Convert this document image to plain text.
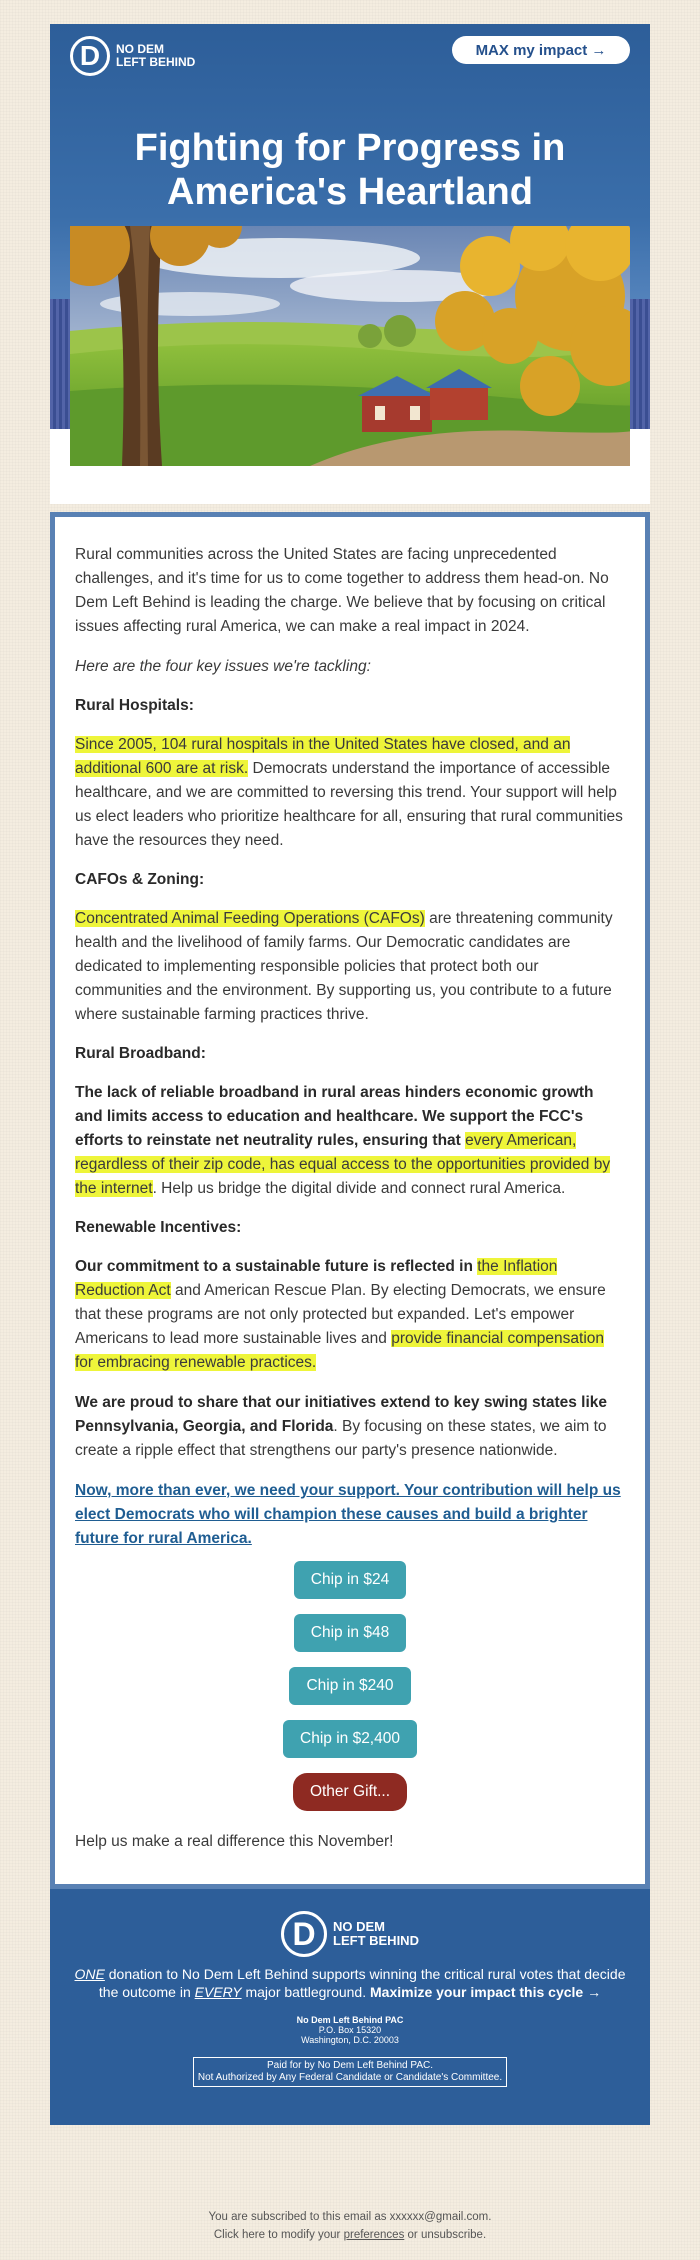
D	NO DEM
LEFT BEHIND
MAX my impact →
Fighting for Progress in
America's Heartland

Rural communities across the United States are facing unprecedented challenges, and it's time for us to come together to address them head-on. No Dem Left Behind is leading the charge. We believe that by focusing on critical issues affecting rural America, we can make a real impact in 2024.

Here are the four key issues we're tackling:

Rural Hospitals:

Since 2005, 104 rural hospitals in the United States have closed, and an additional 600 are at risk. Democrats understand the importance of accessible healthcare, and we are committed to reversing this trend. Your support will help us elect leaders who prioritize healthcare for all, ensuring that rural communities have the resources they need.

CAFOs & Zoning:

Concentrated Animal Feeding Operations (CAFOs) are threatening community health and the livelihood of family farms. Our Democratic candidates are dedicated to implementing responsible policies that protect both our communities and the environment. By supporting us, you contribute to a future where sustainable farming practices thrive.

Rural Broadband:

The lack of reliable broadband in rural areas hinders economic growth and limits access to education and healthcare. We support the FCC's efforts to reinstate net neutrality rules, ensuring that every American, regardless of their zip code, has equal access to the opportunities provided by the internet. Help us bridge the digital divide and connect rural America.

Renewable Incentives:

Our commitment to a sustainable future is reflected in the Inflation Reduction Act and American Rescue Plan. By electing Democrats, we ensure that these programs are not only protected but expanded. Let's empower Americans to lead more sustainable lives and provide financial compensation for embracing renewable practices.

We are proud to share that our initiatives extend to key swing states like Pennsylvania, Georgia, and Florida. By focusing on these states, we aim to create a ripple effect that strengthens our party's presence nationwide.

Now, more than ever, we need your support. Your contribution will help us elect Democrats who will champion these causes and build a brighter future for rural America.
Chip in $24
Chip in $48
Chip in $240
Chip in $2,400
Other Gift...

Help us make a real difference this November!

D	NO DEM
LEFT BEHIND
ONE donation to No Dem Left Behind supports winning the critical rural votes that decide the outcome in EVERY major battleground. Maximize your impact this cycle →
No Dem Left Behind PAC
P.O. Box 15320
Washington, D.C. 20003
Paid for by No Dem Left Behind PAC.
Not Authorized by Any Federal Candidate or Candidate's Committee.
You are subscribed to this email as xxxxxx@gmail.com.
Click here to modify your preferences or unsubscribe.
